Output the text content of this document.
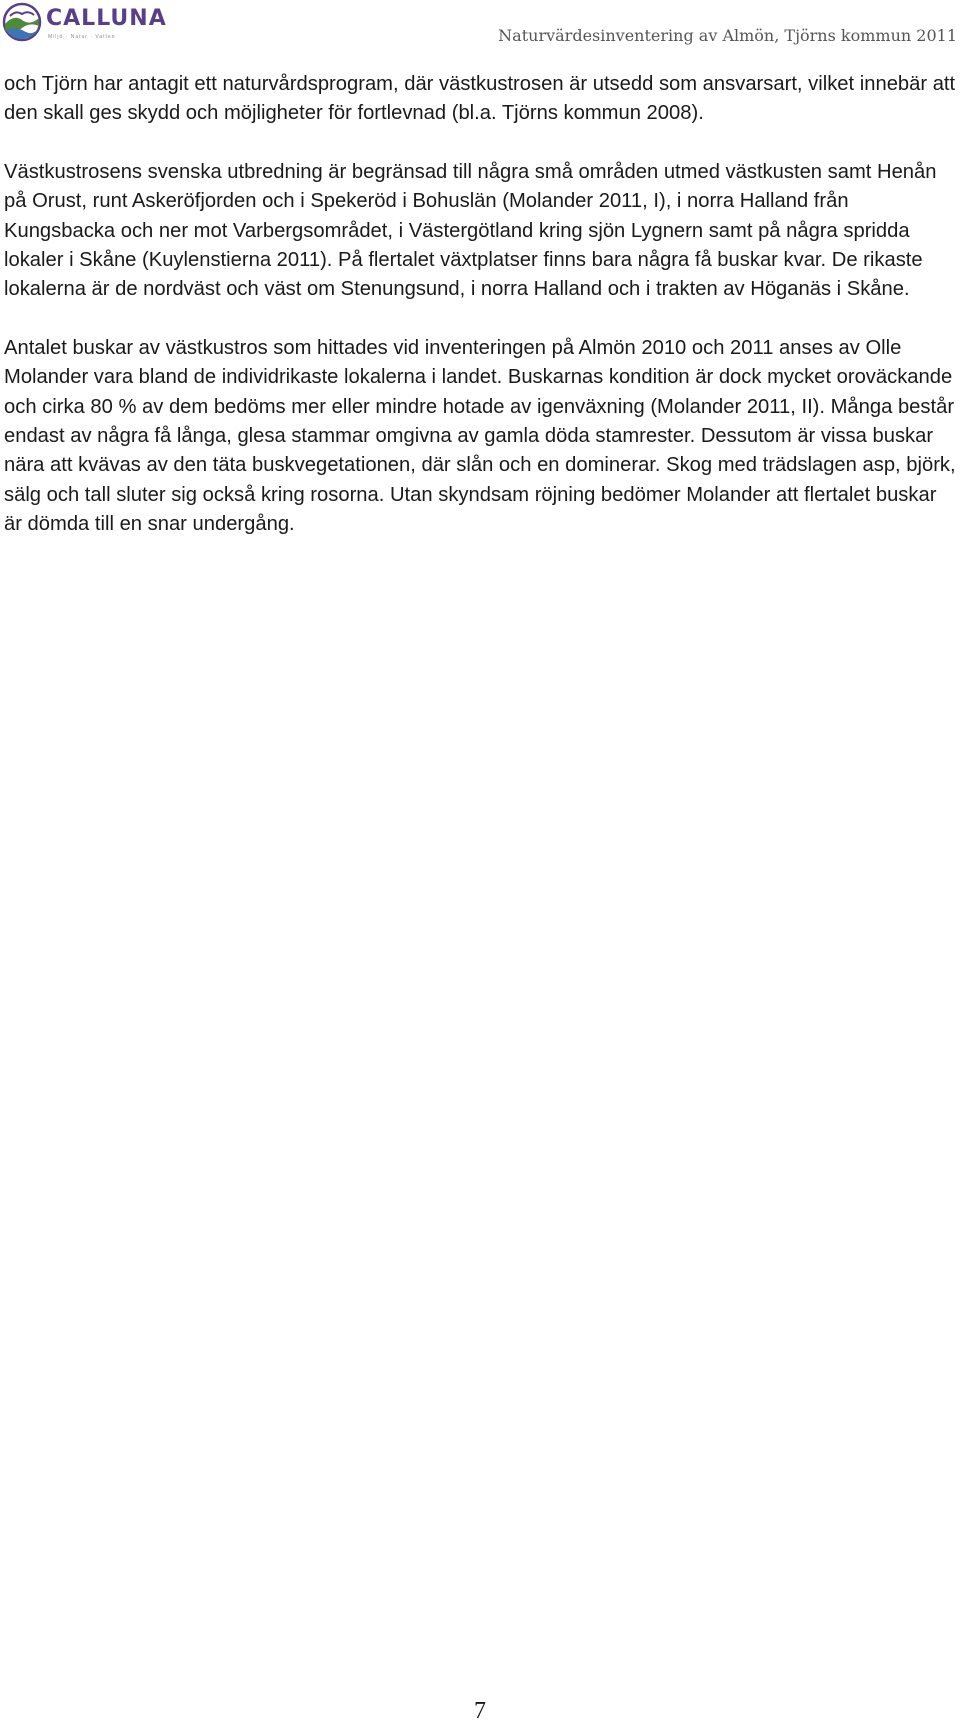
CALLUNA
Miljö · Natur · Vatten	Naturvärdesinventering av Almön, Tjörns kommun 2011

och Tjörn har antagit ett naturvårdsprogram, där västkustrosen är utsedd som ansvarsart, vilket innebär att den skall ges skydd och möjligheter för fortlevnad (bl.a. Tjörns kommun 2008).

Västkustrosens svenska utbredning är begränsad till några små områden utmed västkusten samt Henån på Orust, runt Askeröfjorden och i Spekeröd i Bohuslän (Molander 2011, I), i norra Halland från Kungsbacka och ner mot Varbergsområdet, i Västergötland kring sjön Lygnern samt på några spridda lokaler i Skåne (Kuylenstierna 2011). På flertalet växtplatser finns bara några få buskar kvar. De rikaste lokalerna är de nordväst och väst om Stenungsund, i norra Halland och i trakten av Höganäs i Skåne.

Antalet buskar av västkustros som hittades vid inventeringen på Almön 2010 och 2011 anses av Olle Molander vara bland de individrikaste lokalerna i landet. Buskarnas kondition är dock mycket oroväckande och cirka 80 % av dem bedöms mer eller mindre hotade av igenväxning (Molander 2011, II). Många består endast av några få långa, glesa stammar omgivna av gamla döda stamrester. Dessutom är vissa buskar nära att kvävas av den täta buskvegetationen, där slån och en dominerar. Skog med trädslagen asp, björk, sälg och tall sluter sig också kring rosorna. Utan skyndsam röjning bedömer Molander att flertalet buskar är dömda till en snar undergång.

7
